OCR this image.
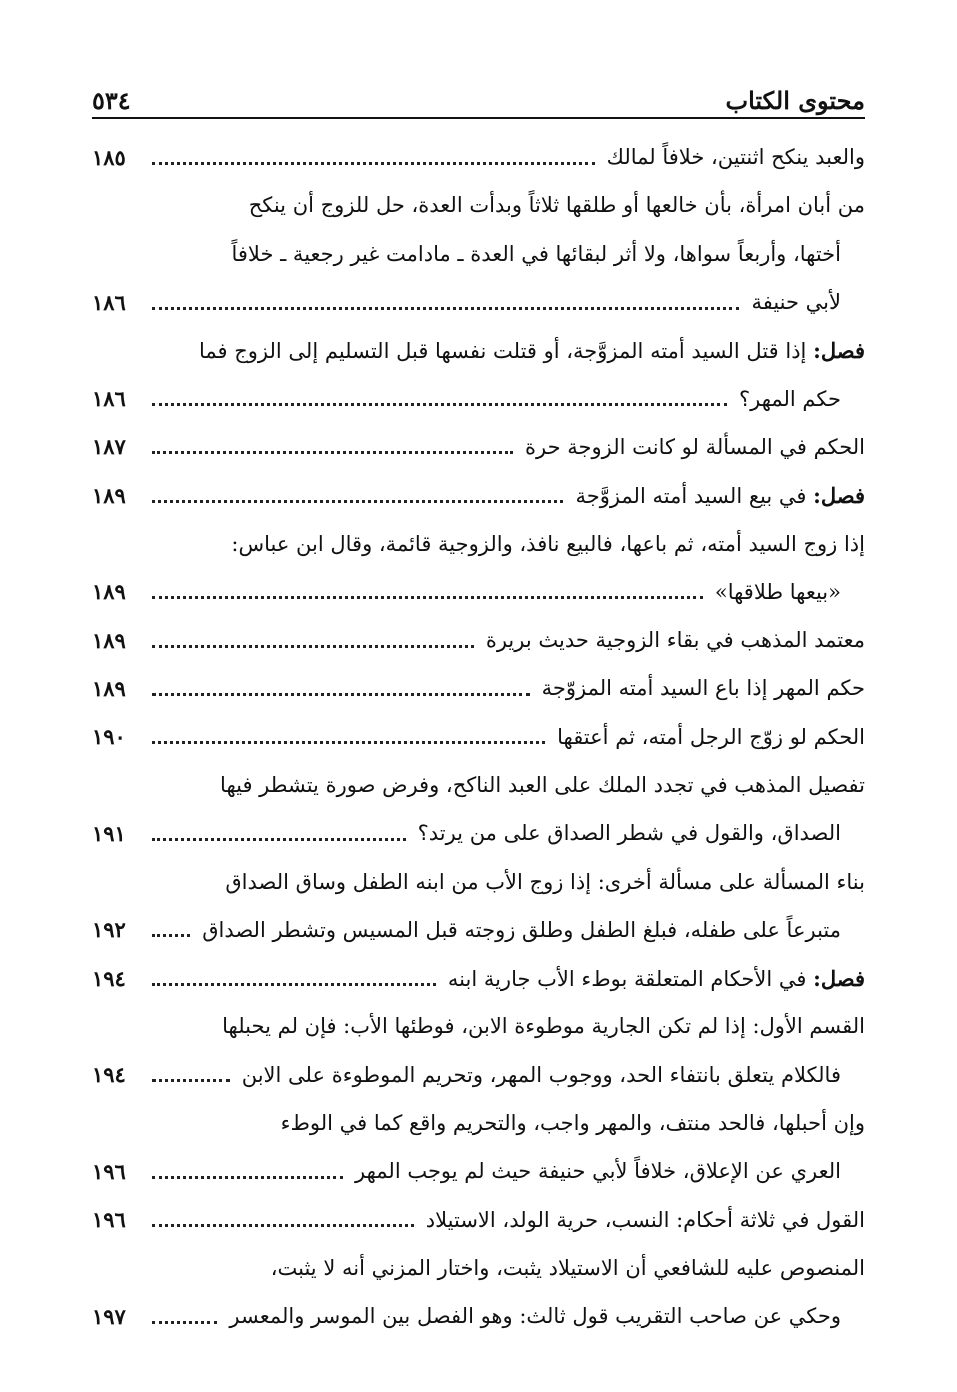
محتوى الكتاب
٥٣٤
والعبد ينكح اثنتين، خلافاً لمالك
١٨٥
من أبان امرأة، بأن خالعها أو طلقها ثلاثاً وبدأت العدة، حل للزوج أن ينكح
أختها، وأربعاً سواها، ولا أثر لبقائها في العدة ـ مادامت غير رجعية ـ خلافاً
لأبي حنيفة
١٨٦
فصل: إذا قتل السيد أمته المزوَّجة، أو قتلت نفسها قبل التسليم إلى الزوج فما
حكم المهر؟
١٨٦
الحكم في المسألة لو كانت الزوجة حرة
١٨٧
فصل: في بيع السيد أمته المزوَّجة
١٨٩
إذا زوج السيد أمته، ثم باعها، فالبيع نافذ، والزوجية قائمة، وقال ابن عباس:
«بيعها طلاقها»
١٨٩
معتمد المذهب في بقاء الزوجية حديث بريرة
١٨٩
حكم المهر إذا باع السيد أمته المزوّجة
١٨٩
الحكم لو زوّج الرجل أمته، ثم أعتقها
١٩٠
تفصيل المذهب في تجدد الملك على العبد الناكح، وفرض صورة يتشطر فيها
الصداق، والقول في شطر الصداق على من يرتد؟
١٩١
بناء المسألة على مسألة أخرى: إذا زوج الأب من ابنه الطفل وساق الصداق
متبرعاً على طفله، فبلغ الطفل وطلق زوجته قبل المسيس وتشطر الصداق
١٩٢
فصل: في الأحكام المتعلقة بوطء الأب جارية ابنه
١٩٤
القسم الأول: إذا لم تكن الجارية موطوءة الابن، فوطئها الأب: فإن لم يحبلها
فالكلام يتعلق بانتفاء الحد، ووجوب المهر، وتحريم الموطوءة على الابن
١٩٤
وإن أحبلها، فالحد منتف، والمهر واجب، والتحريم واقع كما في الوطء
العري عن الإعلاق، خلافاً لأبي حنيفة حيث لم يوجب المهر
١٩٦
القول في ثلاثة أحكام: النسب، حرية الولد، الاستيلاد
١٩٦
المنصوص عليه للشافعي أن الاستيلاد يثبت، واختار المزني أنه لا يثبت،
وحكي عن صاحب التقريب قول ثالث: وهو الفصل بين الموسر والمعسر
١٩٧
